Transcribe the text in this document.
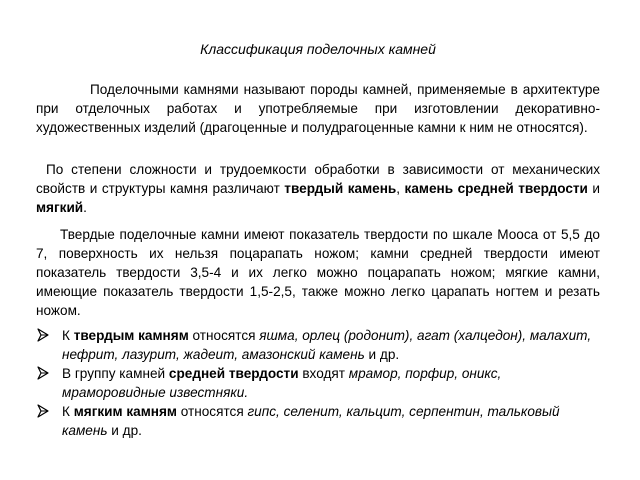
Классификация поделочных камней

Поделочными камнями называют породы камней, применяемые в архитектуре при отделочных работах и употребляемые при изготовлении декоративно-художественных изделий (драгоценные и полудрагоценные камни к ним не относятся).

По степени сложности и трудоемкости обработки в зависимости от механических свойств и структуры камня различают твердый камень, камень средней твердости и мягкий.

Твердые поделочные камни имеют показатель твердости по шкале Мооса от 5,5 до 7, поверхность их нельзя поцарапать ножом; камни средней твердости имеют показатель твердости 3,5-4 и их легко можно поцарапать ножом; мягкие камни, имеющие показатель твердости 1,5-2,5, также можно легко царапать ногтем и резать ножом.

К твердым камням относятся яшма, орлец (родонит), агат (халцедон), малахит, нефрит, лазурит, жадеит, амазонский камень и др.
В группу камней средней твердости входят мрамор, порфир, оникс, мраморовидные известняки.
К мягким камням относятся гипс, селенит, кальцит, серпентин, тальковый камень и др.
